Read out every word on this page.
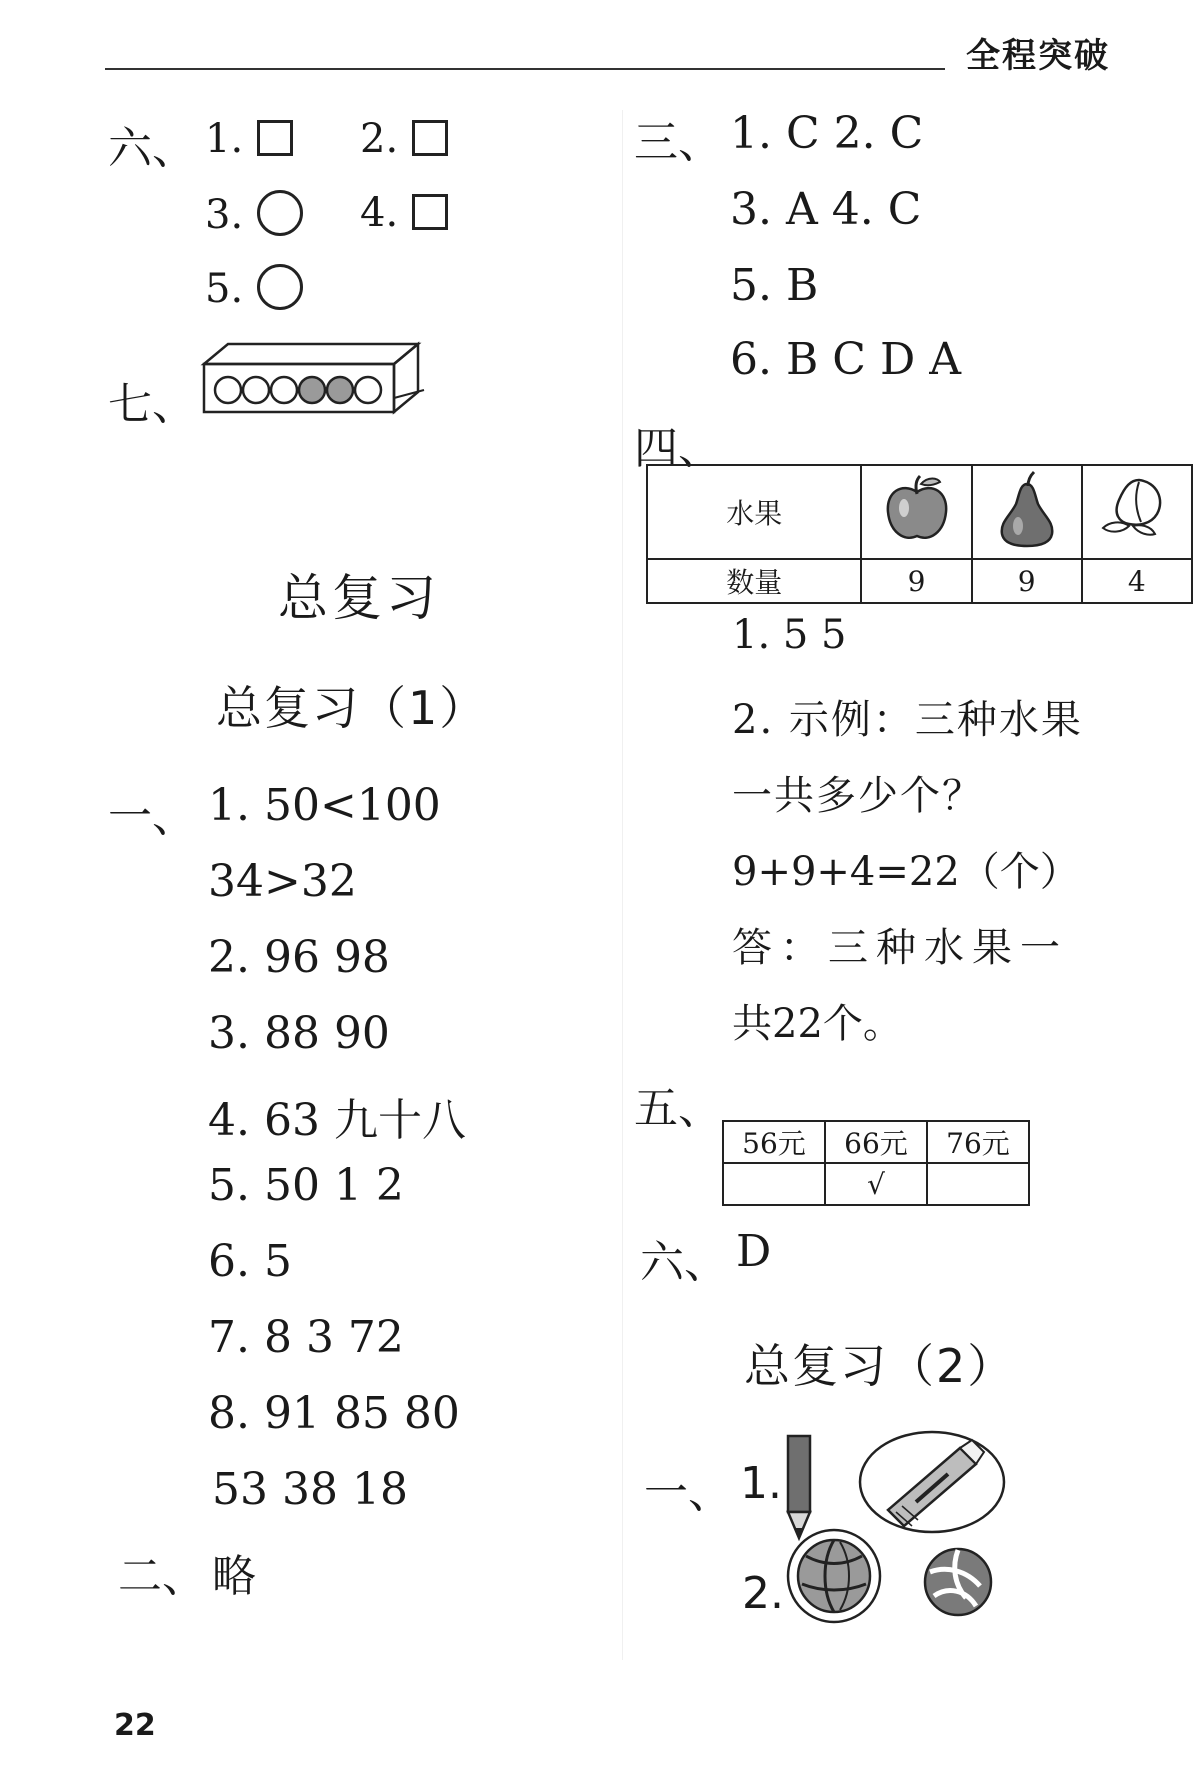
全程突破
六、 1.	2.
3.	4.
5.
七、
总复习
总复习（1）
一、 1. 50<100
34>32
2. 96 98
3. 88 90
4. 63 九十八
5. 50 1 2
6. 5
7. 8 3 72
8. 91 85 80
53 38 18
二、 略
22
三、 1. C 2. C
3. A 4. C
5. B
6. B C D A
四、
水果			
数量	9	9	4
1. 5 5
2. 示例：三种水果
一共多少个？
9+9+4=22（个）
答：三种水果一
共22个。
五、
56元	66元	76元
	√	
六、 D
总复习（2）
一、 1.
2.
